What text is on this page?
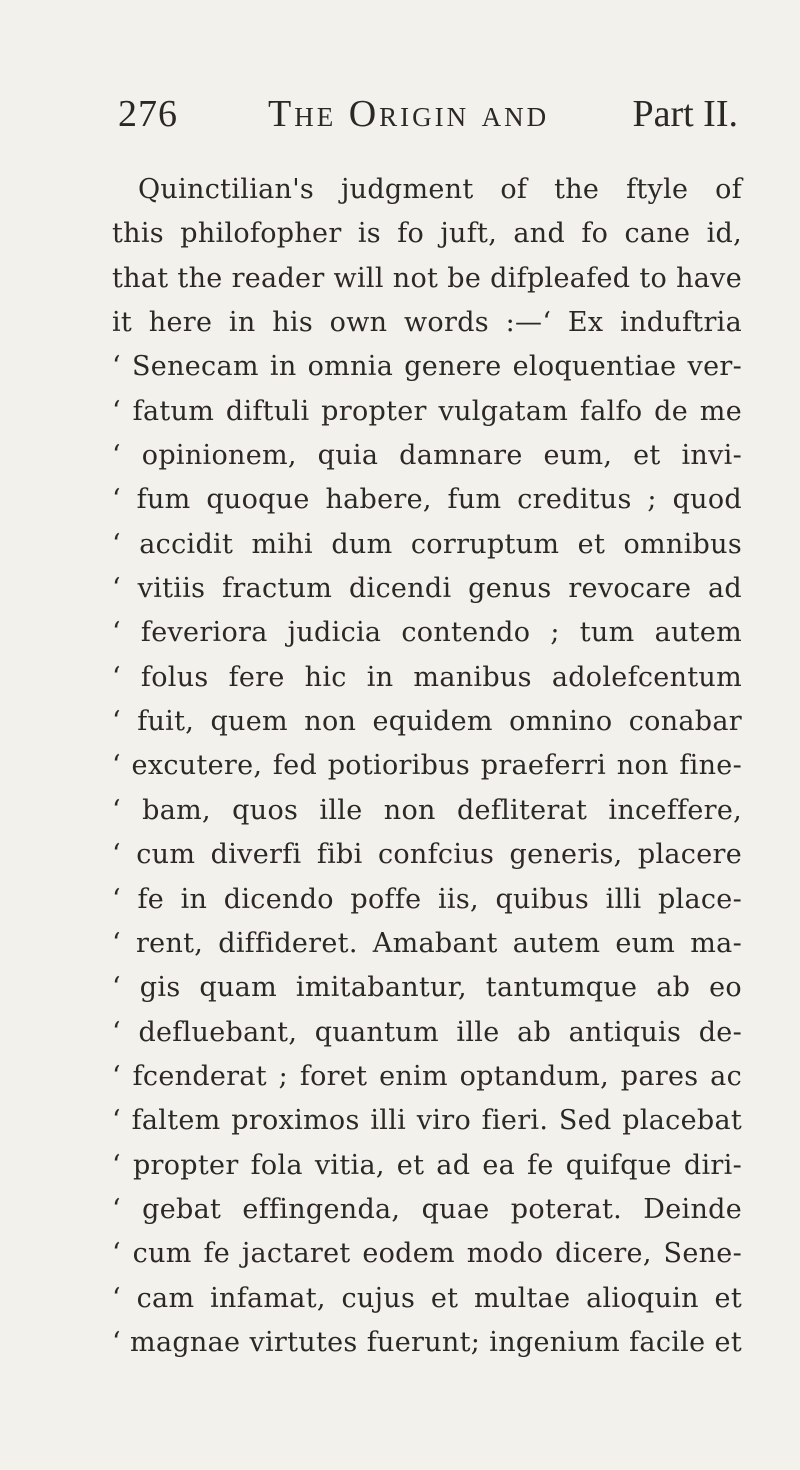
276 The Origin and Part II.
Quinctilian's judgment of the ftyle of
this philofopher is fo juft, and fo cane id,
that the reader will not be difpleafed to have
it here in his own words :—‘ Ex induftria
‘ Senecam in omnia genere eloquentiae ver-
‘ fatum diftuli propter vulgatam falfo de me
‘ opinionem, quia damnare eum, et invi-
‘ fum quoque habere, fum creditus ; quod
‘ accidit mihi dum corruptum et omnibus
‘ vitiis fractum dicendi genus revocare ad
‘ feveriora judicia contendo ; tum autem
‘ folus fere hic in manibus adolefcentum
‘ fuit, quem non equidem omnino conabar
‘ excutere, fed potioribus praeferri non fine-
‘ bam, quos ille non defliterat inceffere,
‘ cum diverfi fibi confcius generis, placere
‘ fe in dicendo poffe iis, quibus illi place-
‘ rent, diffideret. Amabant autem eum ma-
‘ gis quam imitabantur, tantumque ab eo
‘ defluebant, quantum ille ab antiquis de-
‘ fcenderat ; foret enim optandum, pares ac
‘ faltem proximos illi viro fieri. Sed placebat
‘ propter fola vitia, et ad ea fe quifque diri-
‘ gebat effingenda, quae poterat. Deinde
‘ cum fe jactaret eodem modo dicere, Sene-
‘ cam infamat, cujus et multae alioquin et
‘ magnae virtutes fuerunt; ingenium facile et
